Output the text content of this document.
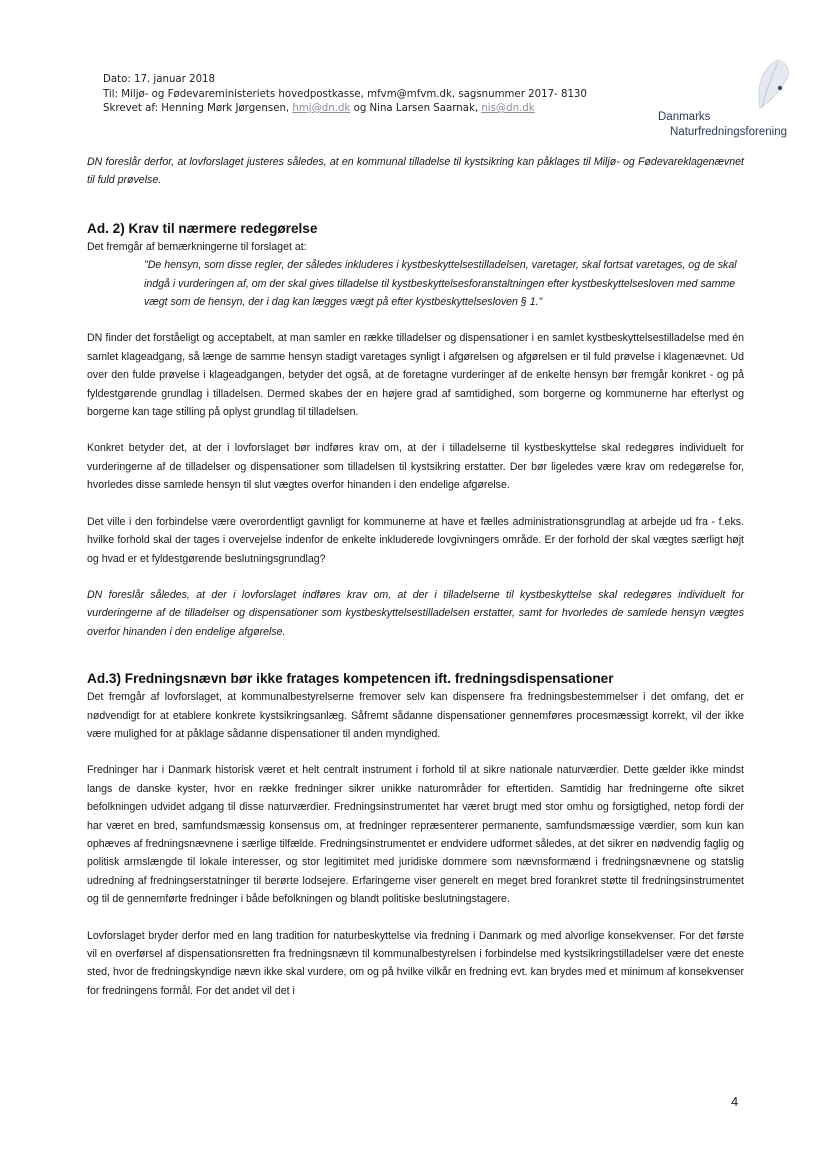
Dato: 17. januar 2018
Til: Miljø- og Fødevareministeriets hovedpostkasse, mfvm@mfvm.dk, sagsnummer 2017- 8130
Skrevet af: Henning Mørk Jørgensen, hmj@dn.dk og Nina Larsen Saarnak, nis@dn.dk
Danmarks
Naturfredningsforening

DN foreslår derfor, at lovforslaget justeres således, at en kommunal tilladelse til kystsikring kan påklages til Miljø- og Fødevareklagenævnet til fuld prøvelse.

Ad. 2) Krav til nærmere redegørelse

Det fremgår af bemærkningerne til forslaget at:

"De hensyn, som disse regler, der således inkluderes i kystbeskyttelsestilladelsen, varetager, skal fortsat varetages, og de skal indgå i vurderingen af, om der skal gives tilladelse til kystbeskyttelsesforanstaltningen efter kystbeskyttelsesloven med samme vægt som de hensyn, der i dag kan lægges vægt på efter kystbeskyttelsesloven § 1."

DN finder det forståeligt og acceptabelt, at man samler en række tilladelser og dispensationer i en samlet kystbeskyttelsestilladelse med én samlet klageadgang, så længe de samme hensyn stadigt varetages synligt i afgørelsen og afgørelsen er til fuld prøvelse i klagenævnet. Ud over den fulde prøvelse i klageadgangen, betyder det også, at de foretagne vurderinger af de enkelte hensyn bør fremgår konkret - og på fyldestgørende grundlag i tilladelsen. Dermed skabes der en højere grad af samtidighed, som borgerne og kommunerne har efterlyst og borgerne kan tage stilling på oplyst grundlag til tilladelsen.

Konkret betyder det, at der i lovforslaget bør indføres krav om, at der i tilladelserne til kystbeskyttelse skal redegøres individuelt for vurderingerne af de tilladelser og dispensationer som tilladelsen til kystsikring erstatter. Der bør ligeledes være krav om redegørelse for, hvorledes disse samlede hensyn til slut vægtes overfor hinanden i den endelige afgørelse.

Det ville i den forbindelse være overordentligt gavnligt for kommunerne at have et fælles administrationsgrundlag at arbejde ud fra - f.eks. hvilke forhold skal der tages i overvejelse indenfor de enkelte inkluderede lovgivningers område. Er der forhold der skal vægtes særligt højt og hvad er et fyldestgørende beslutningsgrundlag?

DN foreslår således, at der i lovforslaget indføres krav om, at der i tilladelserne til kystbeskyttelse skal redegøres individuelt for vurderingerne af de tilladelser og dispensationer som kystbeskyttelsestilladelsen erstatter, samt for hvorledes de samlede hensyn vægtes overfor hinanden i den endelige afgørelse.

Ad.3) Fredningsnævn bør ikke fratages kompetencen ift. fredningsdispensationer

Det fremgår af lovforslaget, at kommunalbestyrelserne fremover selv kan dispensere fra fredningsbestemmelser i det omfang, det er nødvendigt for at etablere konkrete kystsikringsanlæg. Såfremt sådanne dispensationer gennemføres procesmæssigt korrekt, vil der ikke være mulighed for at påklage sådanne dispensationer til anden myndighed.

Fredninger har i Danmark historisk været et helt centralt instrument i forhold til at sikre nationale naturværdier. Dette gælder ikke mindst langs de danske kyster, hvor en række fredninger sikrer unikke naturområder for eftertiden. Samtidig har fredningerne ofte sikret befolkningen udvidet adgang til disse naturværdier. Fredningsinstrumentet har været brugt med stor omhu og forsigtighed, netop fordi der har været en bred, samfundsmæssig konsensus om, at fredninger repræsenterer permanente, samfundsmæssige værdier, som kun kan ophæves af fredningsnævnene i særlige tilfælde. Fredningsinstrumentet er endvidere udformet således, at det sikrer en nødvendig faglig og politisk armslængde til lokale interesser, og stor legitimitet med juridiske dommere som nævnsformænd i fredningsnævnene og statslig udredning af fredningserstatninger til berørte lodsejere. Erfaringerne viser generelt en meget bred forankret støtte til fredningsinstrumentet og til de gennemførte fredninger i både befolkningen og blandt politiske beslutningstagere.

Lovforslaget bryder derfor med en lang tradition for naturbeskyttelse via fredning i Danmark og med alvorlige konsekvenser. For det første vil en overførsel af dispensationsretten fra fredningsnævn til kommunalbestyrelsen i forbindelse med kystsikringstilladelser være det eneste sted, hvor de fredningskyndige nævn ikke skal vurdere, om og på hvilke vilkår en fredning evt. kan brydes med et minimum af konsekvenser for fredningens formål. For det andet vil det i

4
